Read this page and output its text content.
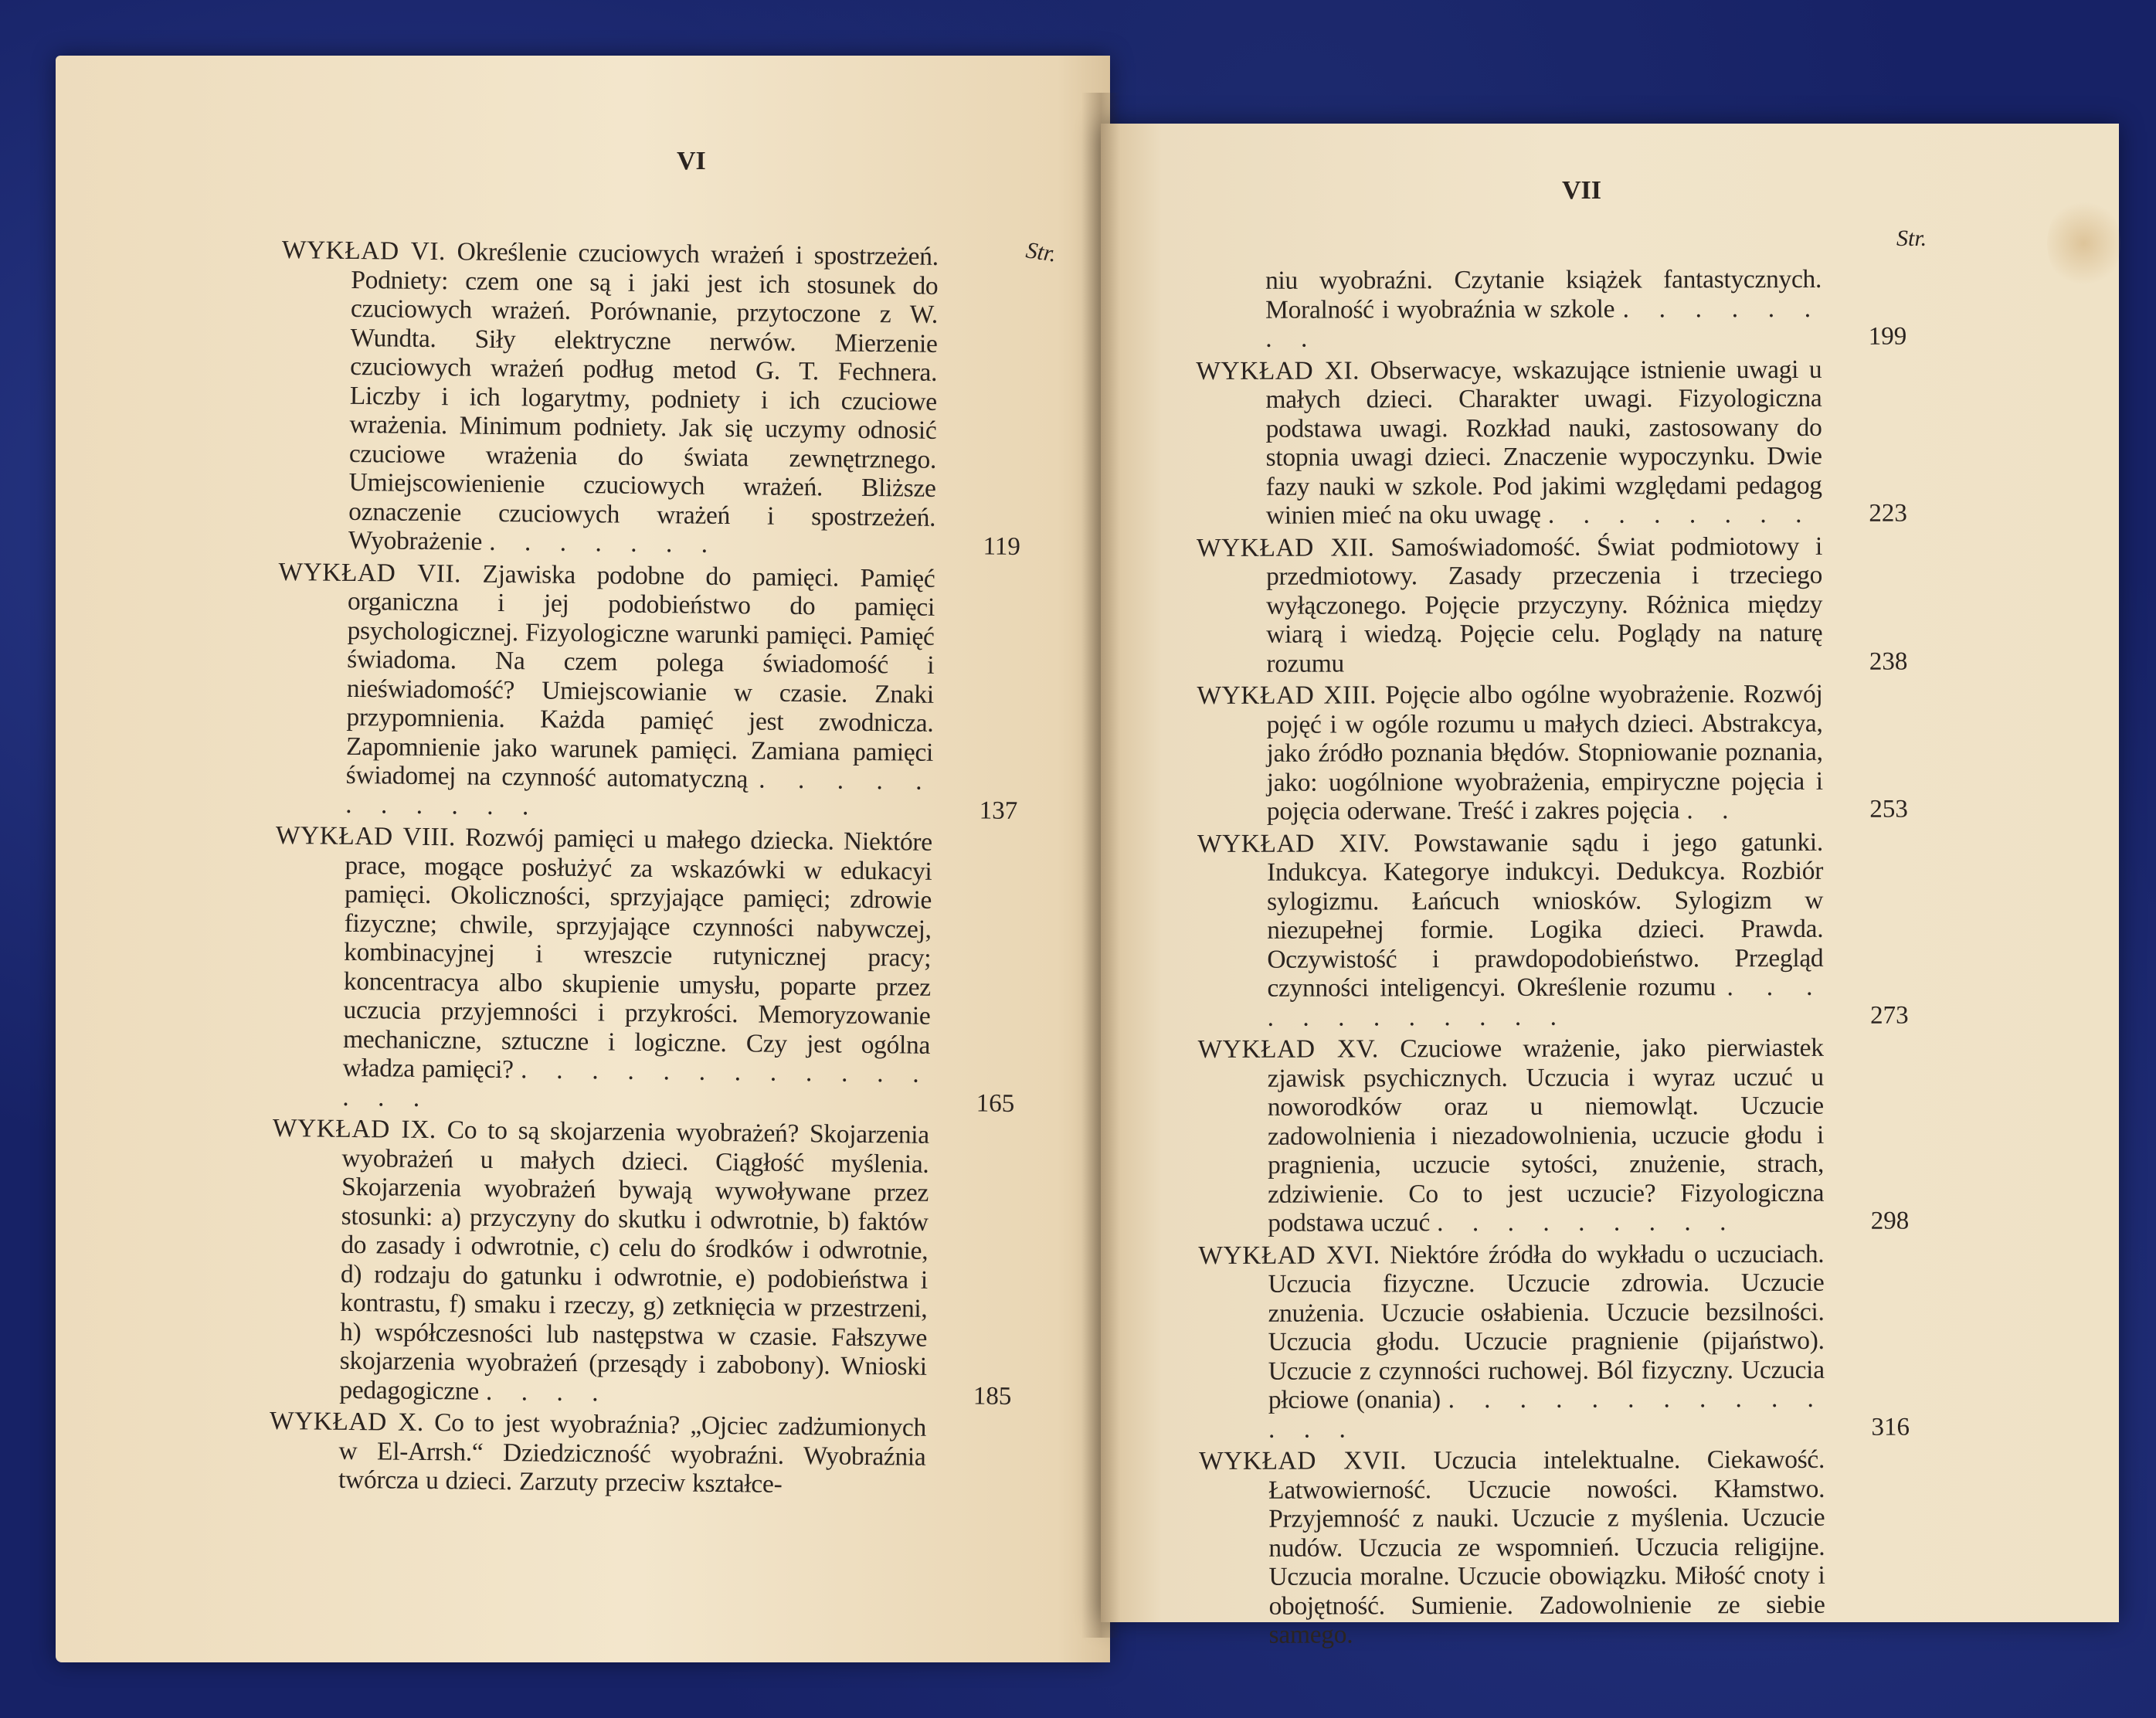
VI
Str.
VII
Str.
WYKŁAD VI. Określenie czuciowych wrażeń i spostrzeżeń. Podniety: czem one są i jaki jest ich stosunek do czuciowych wrażeń. Porównanie, przytoczone z W. Wundta. Siły elektryczne nerwów. Mierzenie czuciowych wrażeń podług metod G. T. Fechnera. Liczby i ich logarytmy, podniety i ich czuciowe wrażenia. Minimum podniety. Jak się uczymy odnosić czuciowe wrażenia do świata zewnętrznego. Umiejscowienienie czuciowych wrażeń. Bliższe oznaczenie czuciowych wrażeń i spostrzeżeń. Wyobrażenie . . . . . . .	119
WYKŁAD VII. Zjawiska podobne do pamięci. Pamięć organiczna i jej podobieństwo do pamięci psychologicznej. Fizyologiczne warunki pamięci. Pamięć świadoma. Na czem polega świadomość i nieświadomość? Umiejscowianie w czasie. Znaki przypomnienia. Każda pamięć jest zwodnicza. Zapomnienie jako warunek pamięci. Zamiana pamięci świadomej na czynność automatyczną . . . . . . . . . . .	137
WYKŁAD VIII. Rozwój pamięci u małego dziecka. Niektóre prace, mogące posłużyć za wskazówki w edukacyi pamięci. Okoliczności, sprzyjające pamięci; zdrowie fizyczne; chwile, sprzyjające czynności nabywczej, kombinacyjnej i wreszcie rutynicznej pracy; koncentracya albo skupienie umysłu, poparte przez uczucia przyjemności i przykrości. Memoryzowanie mechaniczne, sztuczne i logiczne. Czy jest ogólna władza pamięci? . . . . . . . . . . . . . . .	165
WYKŁAD IX. Co to są skojarzenia wyobrażeń? Skojarzenia wyobrażeń u małych dzieci. Ciągłość myślenia. Skojarzenia wyobrażeń bywają wywoływane przez stosunki: a) przyczyny do skutku i odwrotnie, b) faktów do zasady i odwrotnie, c) celu do środków i odwrotnie, d) rodzaju do gatunku i odwrotnie, e) podobieństwa i kontrastu, f) smaku i rzeczy, g) zetknięcia w przestrzeni, h) współczesności lub następstwa w czasie. Fałszywe skojarzenia wyobrażeń (przesądy i zabobony). Wnioski pedagogiczne . . . .	185
WYKŁAD X. Co to jest wyobraźnia? „Ojciec zadżumionych w El-Arrsh.“ Dziedziczność wyobraźni. Wyobraźnia twórcza u dzieci. Zarzuty przeciw kształce-
niu wyobraźni. Czytanie książek fantastycznych. Moralność i wyobraźnia w szkole . . . . . . . .	199
WYKŁAD XI. Obserwacye, wskazujące istnienie uwagi u małych dzieci. Charakter uwagi. Fizyologiczna podstawa uwagi. Rozkład nauki, zastosowany do stopnia uwagi dzieci. Znaczenie wypoczynku. Dwie fazy nauki w szkole. Pod jakimi względami pedagog winien mieć na oku uwagę . . . . . . . .	223
WYKŁAD XII. Samoświadomość. Świat podmiotowy i przedmiotowy. Zasady przeczenia i trzeciego wyłączonego. Pojęcie przyczyny. Różnica między wiarą i wiedzą. Pojęcie celu. Poglądy na naturę rozumu	238
WYKŁAD XIII. Pojęcie albo ogólne wyobrażenie. Rozwój pojęć i w ogóle rozumu u małych dzieci. Abstrakcya, jako źródło poznania błędów. Stopniowanie poznania, jako: uogólnione wyobrażenia, empiryczne pojęcia i pojęcia oderwane. Treść i zakres pojęcia . .	253
WYKŁAD XIV. Powstawanie sądu i jego gatunki. Indukcya. Kategorye indukcyi. Dedukcya. Rozbiór sylogizmu. Łańcuch wniosków. Sylogizm w niezupełnej formie. Logika dzieci. Prawda. Oczywistość i prawdopodobieństwo. Przegląd czynności inteligencyi. Określenie rozumu . . . . . . . . . . . .	273
WYKŁAD XV. Czuciowe wrażenie, jako pierwiastek zjawisk psychicznych. Uczucia i wyraz uczuć u noworodków oraz u niemowląt. Uczucie zadowolnienia i niezadowolnienia, uczucie głodu i pragnienia, uczucie sytości, znużenie, strach, zdziwienie. Co to jest uczucie? Fizyologiczna podstawa uczuć . . . . . . . . .	298
WYKŁAD XVI. Niektóre źródła do wykładu o uczuciach. Uczucia fizyczne. Uczucie zdrowia. Uczucie znużenia. Uczucie osłabienia. Uczucie bezsilności. Uczucia głodu. Uczucie pragnienie (pijaństwo). Uczucie z czynności ruchowej. Ból fizyczny. Uczucia płciowe (onania) . . . . . . . . . . . . . .	316
WYKŁAD XVII. Uczucia intelektualne. Ciekawość. Łatwowierność. Uczucie nowości. Kłamstwo. Przyjemność z nauki. Uczucie z myślenia. Uczucie nudów. Uczucia ze wspomnień. Uczucia religijne. Uczucia moralne. Uczucie obowiązku. Miłość cnoty i obojętność. Sumienie. Zadowolnienie ze siebie samego.
